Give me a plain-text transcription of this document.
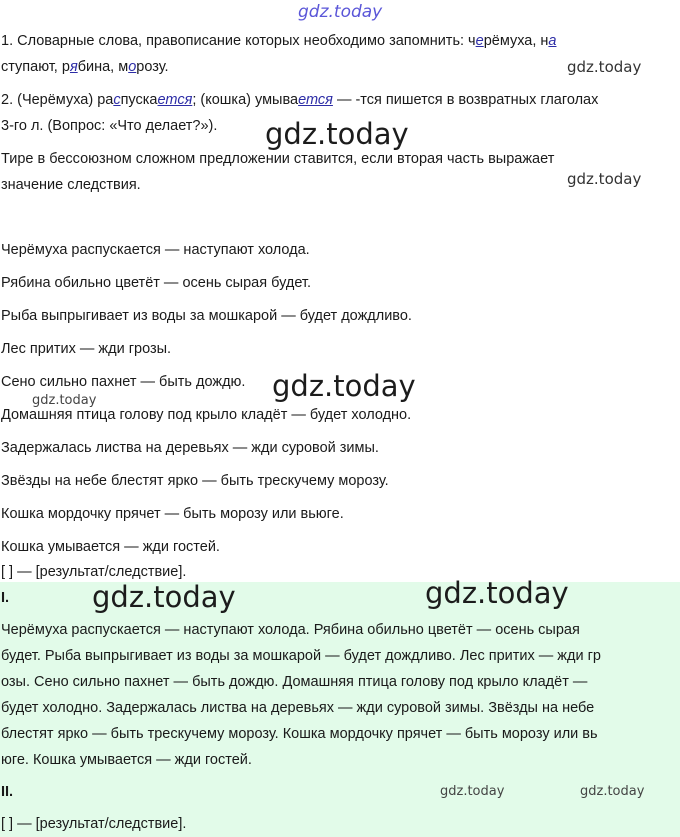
gdz.today
gdz.today
gdz.today
gdz.today
gdz.today
gdz.today
1. Словарные слова, правописание которых необходимо запомнить: черёмуха, на
ступают, рябина, морозу.
2. (Черёмуха) распускается; (кошка) умывается — -тся пишется в возвратных глаголах
3-го л. (Вопрос: «Что делает?»).
Тире в бессоюзном сложном предложении ставится, если вторая часть выражает
значение следствия.
Черёмуха распускается — наступают холода.
Рябина обильно цветёт — осень сырая будет.
Рыба выпрыгивает из воды за мошкарой — будет дождливо.
Лес притих — жди грозы.
Сено сильно пахнет — быть дождю.
Домашняя птица голову под крыло кладёт — будет холодно.
Задержалась листва на деревьях — жди суровой зимы.
Звёзды на небе блестят ярко — быть трескучему морозу.
Кошка мордочку прячет — быть морозу или вьюге.
Кошка умывается — жди гостей.
[ ] — [результат/следствие].
gdz.today	gdz.today
I.
Черёмуха распускается — наступают холода. Рябина обильно цветёт — осень сырая
будет. Рыба выпрыгивает из воды за мошкарой — будет дождливо. Лес притих — жди гр
озы. Сено сильно пахнет — быть дождю. Домашняя птица голову под крыло кладёт —
будет холодно. Задержалась листва на деревьях — жди суровой зимы. Звёзды на небе
блестят ярко — быть трескучему морозу. Кошка мордочку прячет — быть морозу или вь
юге. Кошка умывается — жди гостей.
II.	gdz.today	gdz.today
[ ] — [результат/следствие].
